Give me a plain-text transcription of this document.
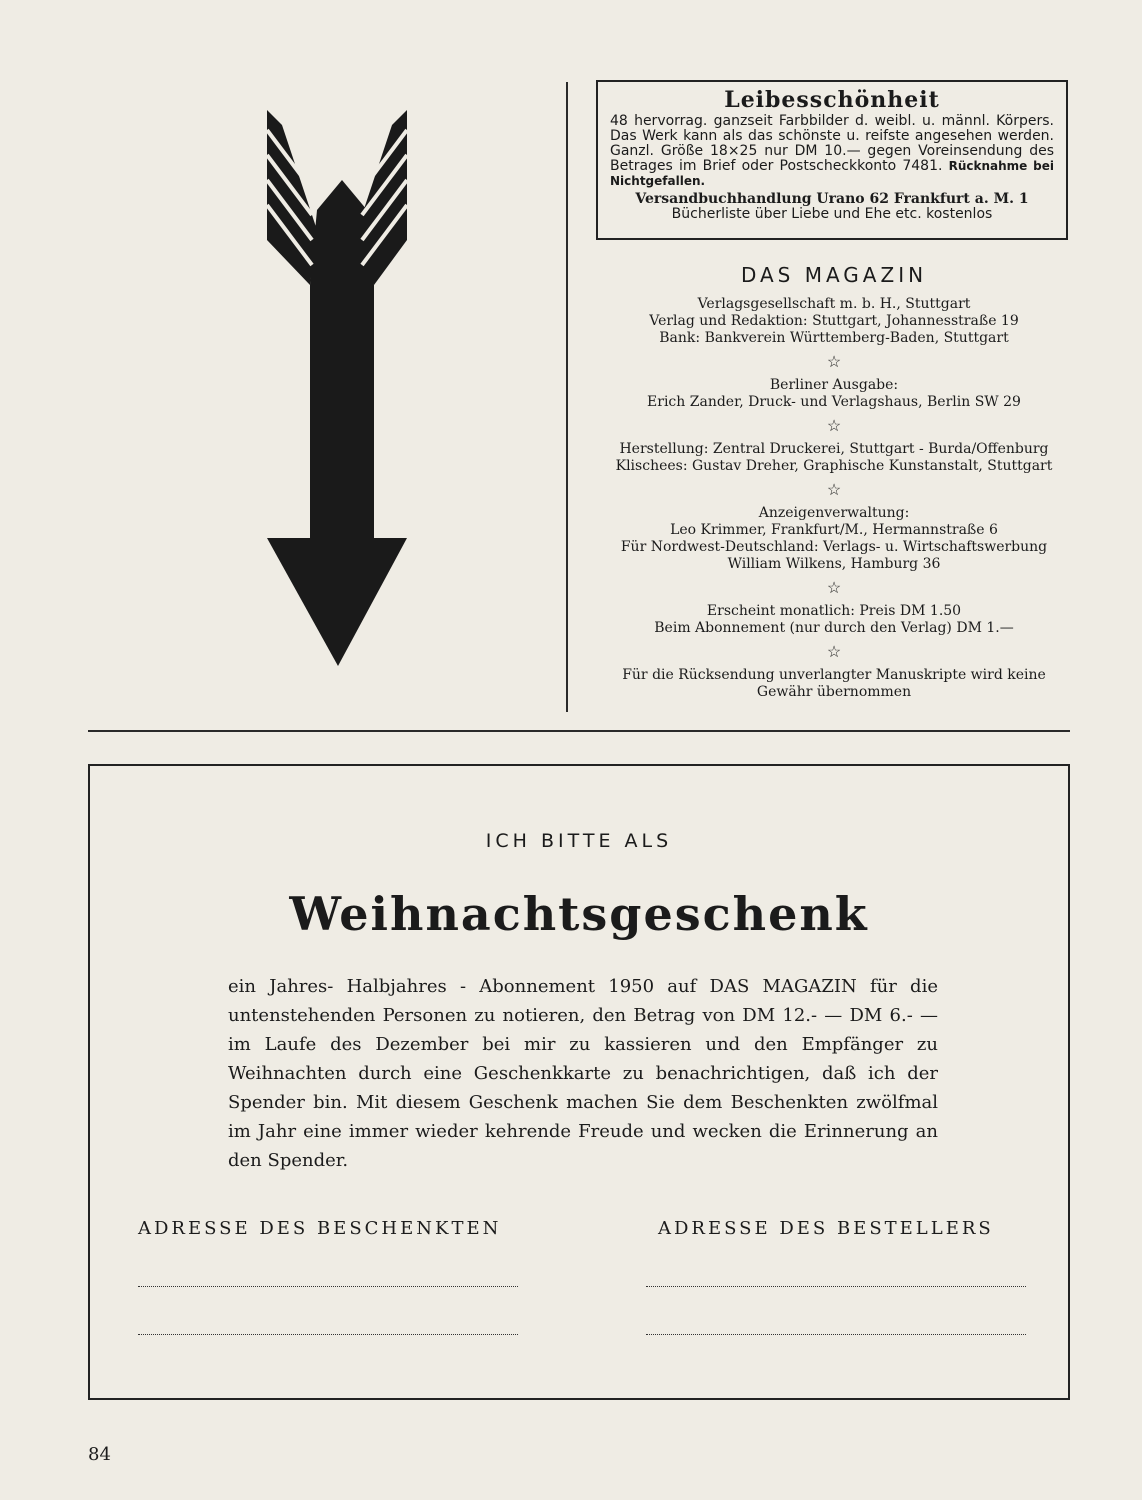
Leibesschönheit
48 hervorrag. ganzseit Farbbilder d. weibl. u. männl. Körpers. Das Werk kann als das schönste u. reifste angesehen werden. Ganzl. Größe 18×25 nur DM 10.— gegen Voreinsendung des Betrages im Brief oder Postscheckkonto 7481. Rücknahme bei Nichtgefallen.
Versandbuchhandlung Urano 62 Frankfurt a. M. 1
Bücherliste über Liebe und Ehe etc. kostenlos
DAS MAGAZIN
Verlagsgesellschaft m. b. H., Stuttgart
Verlag und Redaktion: Stuttgart, Johannesstraße 19
Bank: Bankverein Württemberg-Baden, Stuttgart
☆
Berliner Ausgabe:
Erich Zander, Druck- und Verlagshaus, Berlin SW 29
☆
Herstellung: Zentral Druckerei, Stuttgart - Burda/Offenburg
Klischees: Gustav Dreher, Graphische Kunstanstalt, Stuttgart
☆
Anzeigenverwaltung:
Leo Krimmer, Frankfurt/M., Hermannstraße 6
Für Nordwest-Deutschland: Verlags- u. Wirtschaftswerbung
William Wilkens, Hamburg 36
☆
Erscheint monatlich: Preis DM 1.50
Beim Abonnement (nur durch den Verlag) DM 1.—
☆
Für die Rücksendung unverlangter Manuskripte wird keine
Gewähr übernommen
ICH BITTE ALS
Weihnachtsgeschenk
ein Jahres- Halbjahres - Abonnement 1950 auf DAS MAGAZIN für die untenstehenden Personen zu notieren, den Betrag von DM 12.- — DM 6.- — im Laufe des Dezember bei mir zu kassieren und den Empfänger zu Weihnachten durch eine Geschenkkarte zu benachrichtigen, daß ich der Spender bin. Mit diesem Geschenk machen Sie dem Beschenkten zwölfmal im Jahr eine immer wieder kehrende Freude und wecken die Erinnerung an den Spender.
ADRESSE DES BESCHENKTEN	ADRESSE DES BESTELLERS
84
